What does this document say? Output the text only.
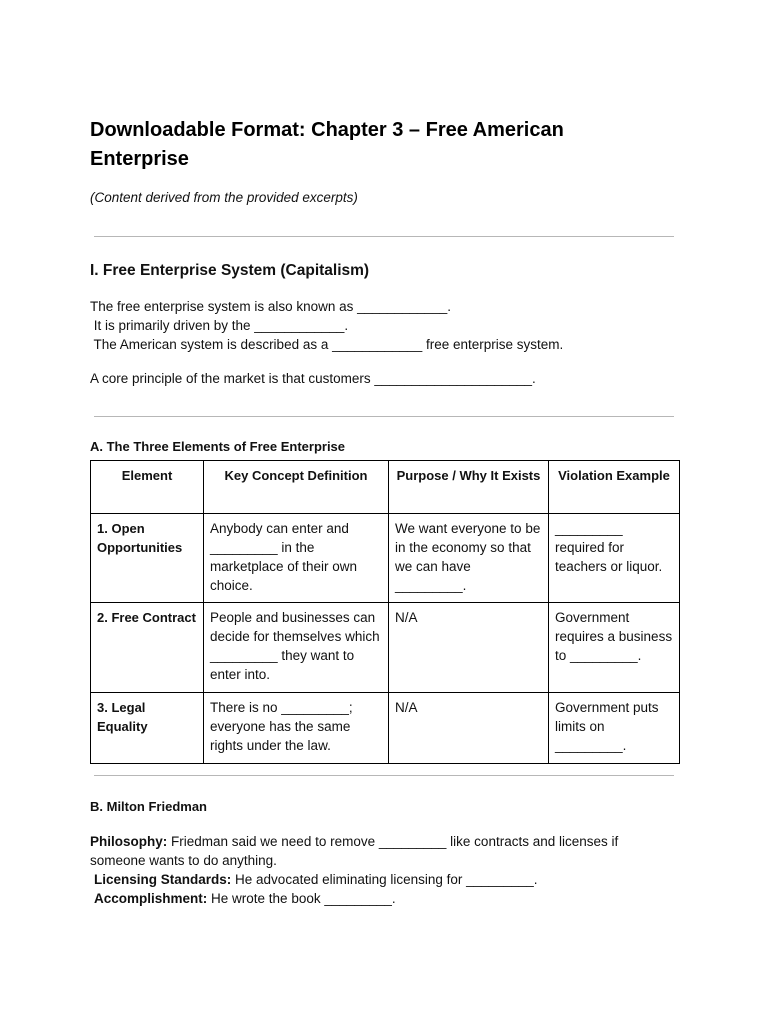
Downloadable Format: Chapter 3 – Free American Enterprise
(Content derived from the provided excerpts)
I. Free Enterprise System (Capitalism)
The free enterprise system is also known as ____________.
It is primarily driven by the ____________.
The American system is described as a ____________ free enterprise system.
A core principle of the market is that customers _____________________.
A. The Three Elements of Free Enterprise
Element	Key Concept Definition	Purpose / Why It Exists	Violation Example
1. Open Opportunities	Anybody can enter and _________ in the marketplace of their own choice.	We want everyone to be in the economy so that we can have _________.	_________ required for teachers or liquor.
2. Free Contract	People and businesses can decide for themselves which _________ they want to enter into.	N/A	Government requires a business to _________.
3. Legal Equality	There is no _________; everyone has the same rights under the law.	N/A	Government puts limits on _________.
B. Milton Friedman
Philosophy: Friedman said we need to remove _________ like contracts and licenses if someone wants to do anything.
Licensing Standards: He advocated eliminating licensing for _________.
Accomplishment: He wrote the book _________.
